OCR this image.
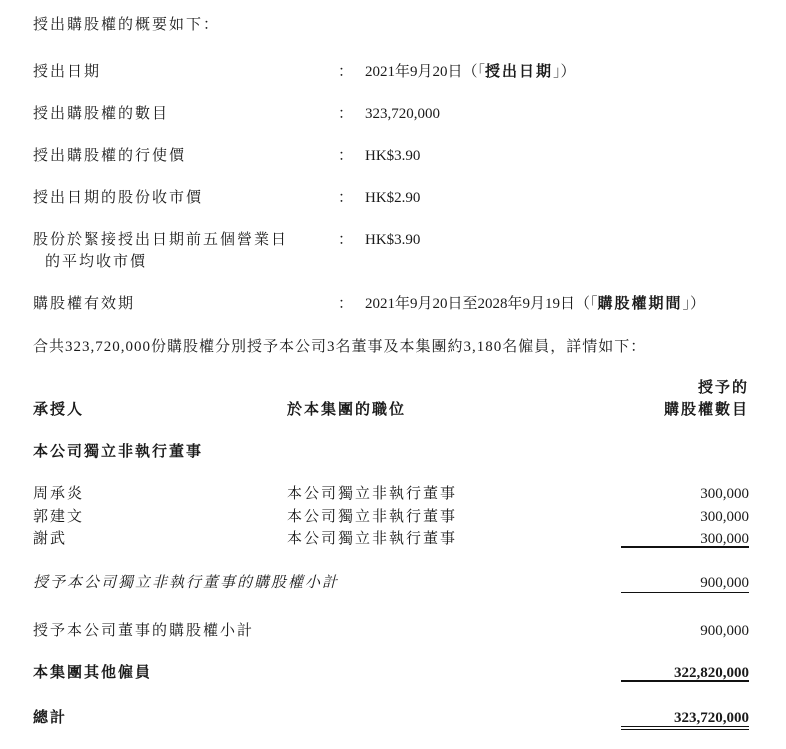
授出購股權的概要如下：
授出日期	： 2021年9月20日（「授出日期」）
授出購股權的數目	： 323,720,000
授出購股權的行使價	： HK$3.90
授出日期的股份收市價	： HK$2.90
股份於緊接授出日期前五個營業日
的平均收市價
： HK$3.90
購股權有效期	： 2021年9月20日至2028年9月19日（「購股權期間」）
合共323,720,000份購股權分別授予本公司3名董事及本集團約3,180名僱員，詳情如下：
承授人	於本集團的職位
授予的
購股權數目
本公司獨立非執行董事
周承炎	本公司獨立非執行董事	300,000
郭建文	本公司獨立非執行董事	300,000
謝武	本公司獨立非執行董事	300,000
授予本公司獨立非執行董事的購股權小計	900,000
授予本公司董事的購股權小計	900,000
本集團其他僱員	322,820,000
總計	323,720,000
